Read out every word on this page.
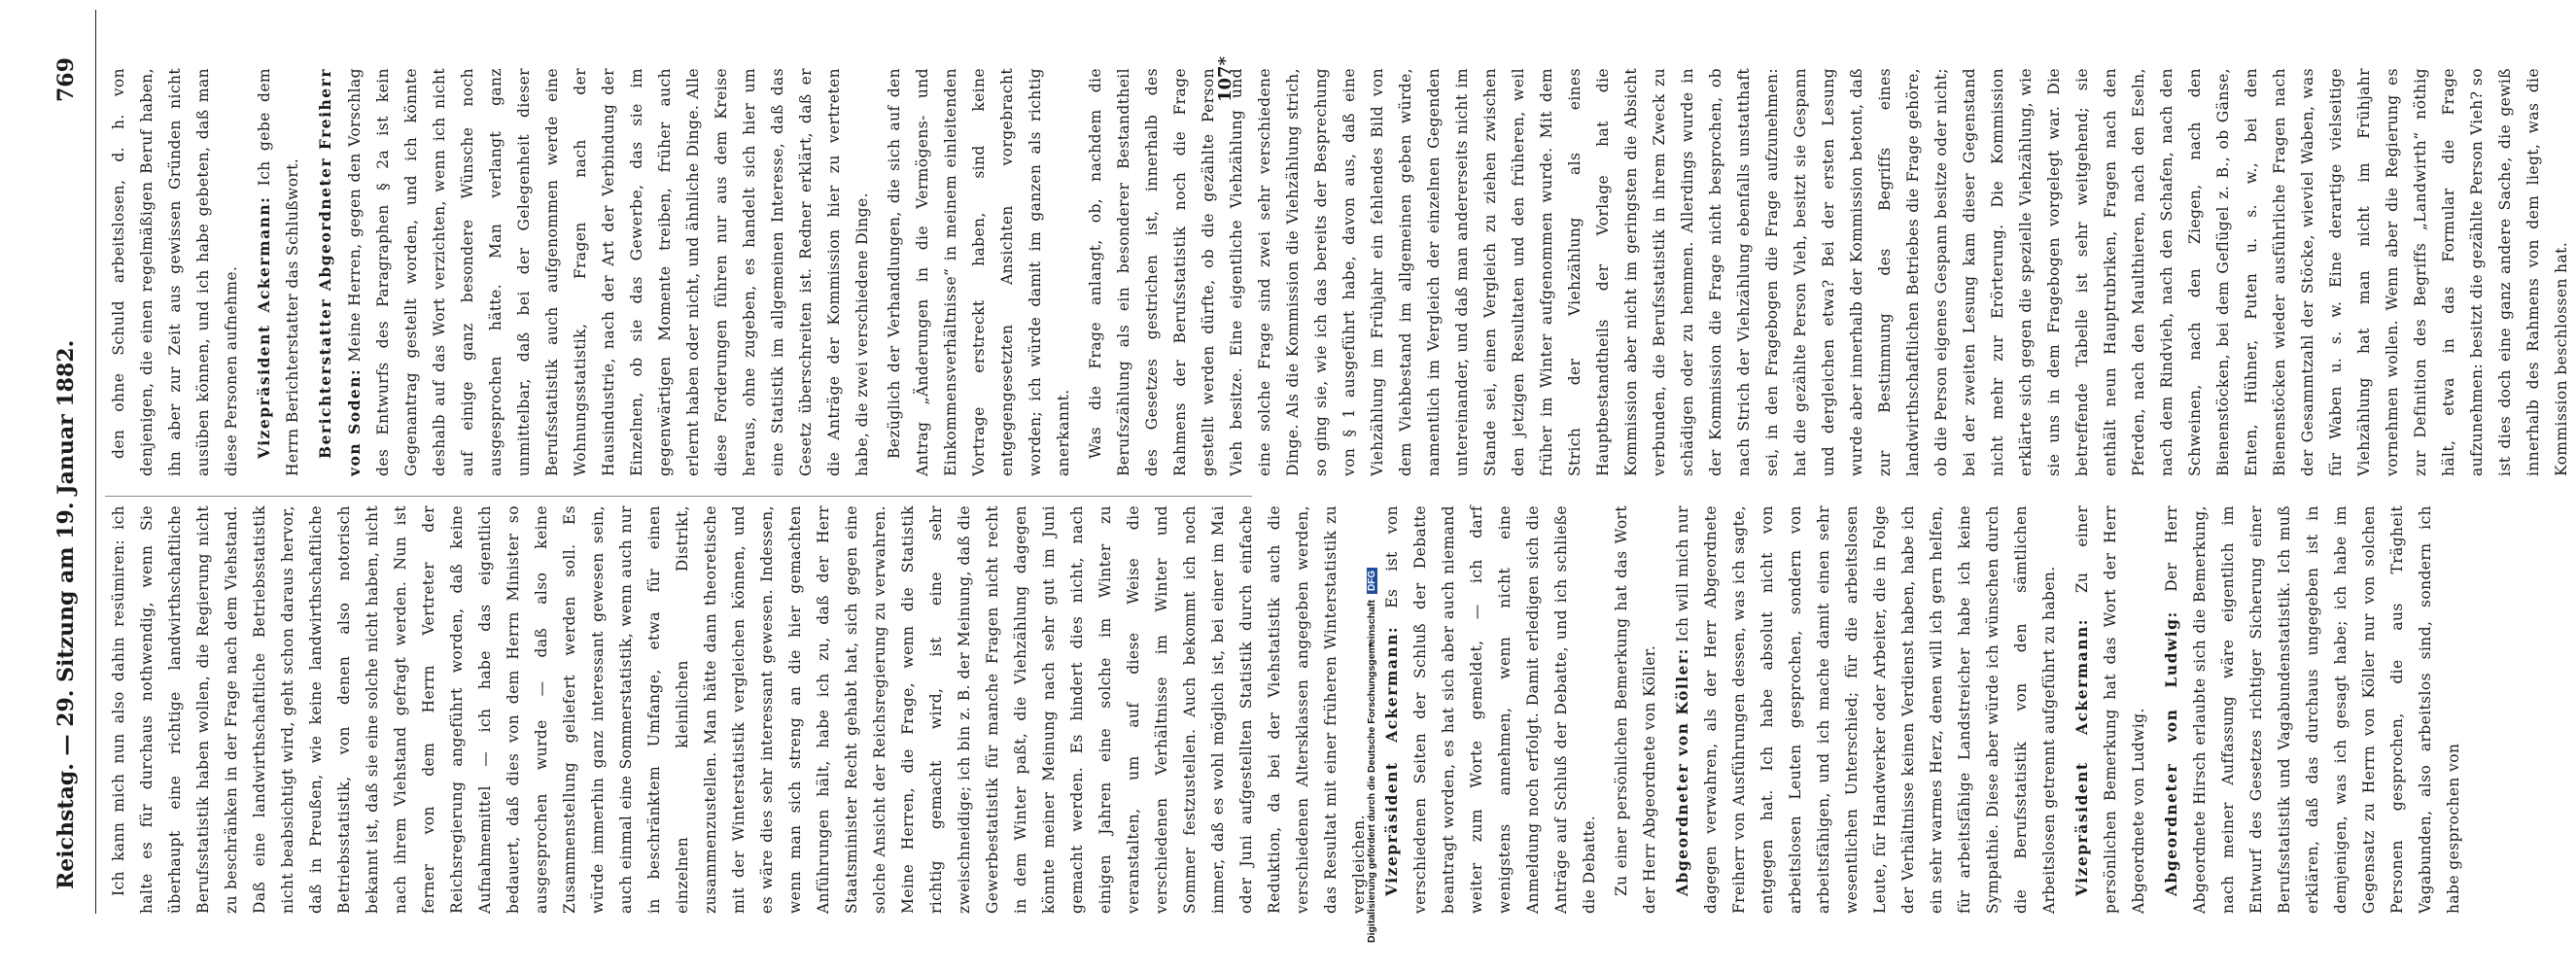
Reichstag. — 29. Sitzung am 19. Januar 1882.
769

Ich kann mich nun also dahin resümiren: ich halte es für durchaus nothwendig, wenn Sie überhaupt eine richtige landwirthschaftliche Berufsstatistik haben wollen, die Regierung nicht zu beschränken in der Frage nach dem Viehstand. Daß eine landwirthschaftliche Betriebsstatistik nicht beabsichtigt wird, geht schon daraus hervor, daß in Preußen, wie keine landwirthschaftliche Betriebsstatistik, von denen also notorisch bekannt ist, daß sie eine solche nicht haben, nicht nach ihrem Viehstand gefragt werden. Nun ist ferner von dem Herrn Vertreter der Reichsregierung angeführt worden, daß keine Aufnahmemittel — ich habe das eigentlich bedauert, daß dies von dem Herrn Minister so ausgesprochen wurde — daß also keine Zusammenstellung geliefert werden soll. Es würde immerhin ganz interessant gewesen sein, auch einmal eine Sommerstatistik, wenn auch nur in beschränktem Umfange, etwa für einen einzelnen kleinlichen Distrikt, zusammenzustellen. Man hätte dann theoretische mit der Winterstatistik vergleichen können, und es wäre dies sehr interessant gewesen. Indessen, wenn man sich streng an die hier gemachten Anführungen hält, habe ich zu, daß der Herr Staatsminister Recht gehabt hat, sich gegen eine solche Ansicht der Reichsregierung zu verwahren. Meine Herren, die Frage, wenn die Statistik richtig gemacht wird, ist eine sehr zweischneidige; ich bin z. B. der Meinung, daß die Gewerbestatistik für manche Fragen nicht recht in dem Winter paßt, die Viehzählung dagegen könnte meiner Meinung nach sehr gut im Juni gemacht werden. Es hindert dies nicht, nach einigen Jahren eine solche im Winter zu veranstalten, um auf diese Weise die verschiedenen Verhältnisse im Winter und Sommer festzustellen. Auch bekommt ich noch immer, daß es wohl möglich ist, bei einer im Mai oder Juni aufgestellten Statistik durch einfache Reduktion, da bei der Viehstatistik auch die verschiedenen Altersklassen angegeben werden, das Resultat mit einer früheren Winterstatistik zu vergleichen. Vizepräsident Ackermann: Es ist von verschiedenen Seiten der Schluß der Debatte beantragt worden, es hat sich aber auch niemand weiter zum Worte gemeldet, — ich darf wenigstens annehmen, wenn nicht eine Anmeldung noch erfolgt. Damit erledigen sich die Anträge auf Schluß der Debatte, und ich schließe die Debatte. Zu einer persönlichen Bemerkung hat das Wort der Herr Abgeordnete von Köller. Abgeordneter von Köller: Ich will mich nur dagegen verwahren, als der Herr Abgeordnete Freiherr von Ausführungen dessen, was ich sagte, entgegen hat. Ich habe absolut nicht von arbeitslosen Leuten gesprochen, sondern von arbeitsfähigen, und ich mache damit einen sehr wesentlichen Unterschied; für die arbeitslosen Leute, für Handwerker oder Arbeiter, die in Folge der Verhältnisse keinen Verdienst haben, habe ich ein sehr warmes Herz, denen will ich gern helfen, für arbeitsfähige Landstreicher habe ich keine Sympathie. Diese aber würde ich wünschen durch die Berufsstatistik von den sämtlichen Arbeitslosen getrennt aufgeführt zu haben. Vizepräsident Ackermann: Zu einer persönlichen Bemerkung hat das Wort der Herr Abgeordnete von Ludwig. Abgeordneter von Ludwig: Der Herr Abgeordnete Hirsch erlaubte sich die Bemerkung, nach meiner Auffassung wäre eigentlich im Entwurf des Gesetzes richtiger Sicherung einer Berufsstatistik und Vagabundenstatistik. Ich muß erklären, daß das durchaus ungegeben ist in demjenigen, was ich gesagt habe; ich habe im Gegensatz zu Herrn von Köller nur von solchen Personen gesprochen, die aus Trägheit Vagabunden, also arbeitslos sind, sondern ich habe gesprochen von

den ohne Schuld arbeitslosen, d. h. von denjenigen, die einen regelmäßigen Beruf haben, ihn aber zur Zeit aus gewissen Gründen nicht ausüben können, und ich habe gebeten, daß man diese Personen aufnehme. Vizepräsident Ackermann: Ich gebe dem Herrn Berichterstatter das Schlußwort. Berichterstatter Abgeordneter Freiherr von Soden: Meine Herren, gegen den Vorschlag des Entwurfs des Paragraphen § 2a ist kein Gegenantrag gestellt worden, und ich könnte deshalb auf das Wort verzichten, wenn ich nicht auf einige ganz besondere Wünsche noch ausgesprochen hätte. Man verlangt ganz unmittelbar, daß bei der Gelegenheit dieser Berufsstatistik auch aufgenommen werde eine Wohnungsstatistik, Fragen nach der Hausindustrie, nach der Art der Verbindung der Einzelnen, ob sie das Gewerbe, das sie im gegenwärtigen Momente treiben, früher auch erlernt haben oder nicht, und ähnliche Dinge. Alle diese Forderungen führen nur aus dem Kreise heraus, ohne zugeben, es handelt sich hier um eine Statistik im allgemeinen Interesse, daß das Gesetz überschreiten ist. Redner erklärt, daß er die Anträge der Kommission hier zu vertreten habe, die zwei verschiedene Dinge. Bezüglich der Verhandlungen, die sich auf den Antrag „Änderungen in die Vermögens- und Einkommensverhältnisse“ in meinem einleitenden Vortrage erstreckt haben, sind keine entgegengesetzten Ansichten vorgebracht worden; ich würde damit im ganzen als richtig anerkannt. Was die Frage anlangt, ob, nachdem die Berufszählung als ein besonderer Bestandtheil des Gesetzes gestrichen ist, innerhalb des Rahmens der Berufsstatistik noch die Frage gestellt werden dürfte, ob die gezählte Person Vieh besitze. Eine eigentliche Viehzählung und eine solche Frage sind zwei sehr verschiedene Dinge. Als die Kommission die Viehzählung strich, so ging sie, wie ich das bereits der Besprechung von § 1 ausgeführt habe, davon aus, daß eine Viehzählung im Frühjahr ein fehlendes Bild von dem Viehbestand im allgemeinen geben würde, namentlich im Vergleich der einzelnen Gegenden untereinander, und daß man andererseits nicht im Stande sei, einen Vergleich zu ziehen zwischen den jetzigen Resultaten und den früheren, weil früher im Winter aufgenommen wurde. Mit dem Strich der Viehzählung als eines Hauptbestandtheils der Vorlage hat die Kommission aber nicht im geringsten die Absicht verbunden, die Berufsstatistik in ihrem Zweck zu schädigen oder zu hemmen. Allerdings wurde in der Kommission die Frage nicht besprochen, ob nach Strich der Viehzählung ebenfalls unstatthaft sei, in den Fragebogen die Frage aufzunehmen: hat die gezählte Person Vieh, besitzt sie Gespann und dergleichen etwa? Bei der ersten Lesung wurde aber innerhalb der Kommission betont, daß zur Bestimmung des Begriffs eines landwirthschaftlichen Betriebes die Frage gehöre, ob die Person eigenes Gespann besitze oder nicht; bei der zweiten Lesung kam dieser Gegenstand nicht mehr zur Erörterung. Die Kommission erklärte sich gegen die spezielle Viehzählung, wie sie uns in dem Fragebogen vorgelegt war. Die betreffende Tabelle ist sehr weitgehend; sie enthält neun Hauptrubriken, Fragen nach den Pferden, nach den Maulthieren, nach den Eseln, nach dem Rindvieh, nach den Schafen, nach den Schweinen, nach den Ziegen, nach den Bienenstöcken, bei dem Geflügel z. B., ob Gänse, Enten, Hühner, Puten u. s. w., bei den Bienenstöcken wieder ausführliche Fragen nach der Gesammtzahl der Stöcke, wieviel Waben, was für Waben u. s. w. Eine derartige vielseitige Viehzählung hat man nicht im Frühjahr vornehmen wollen. Wenn aber die Regierung es zur Definition des Begriffs „Landwirth“ nöthig hält, etwa in das Formular die Frage aufzunehmen: besitzt die gezählte Person Vieh? so ist dies doch eine ganz andere Sache, die gewiß innerhalb des Rahmens von dem liegt, was die Kommission beschlossen hat.

107*
Digitalisierung gefördert durch die Deutsche ForschungsgemeinschaftDFG
